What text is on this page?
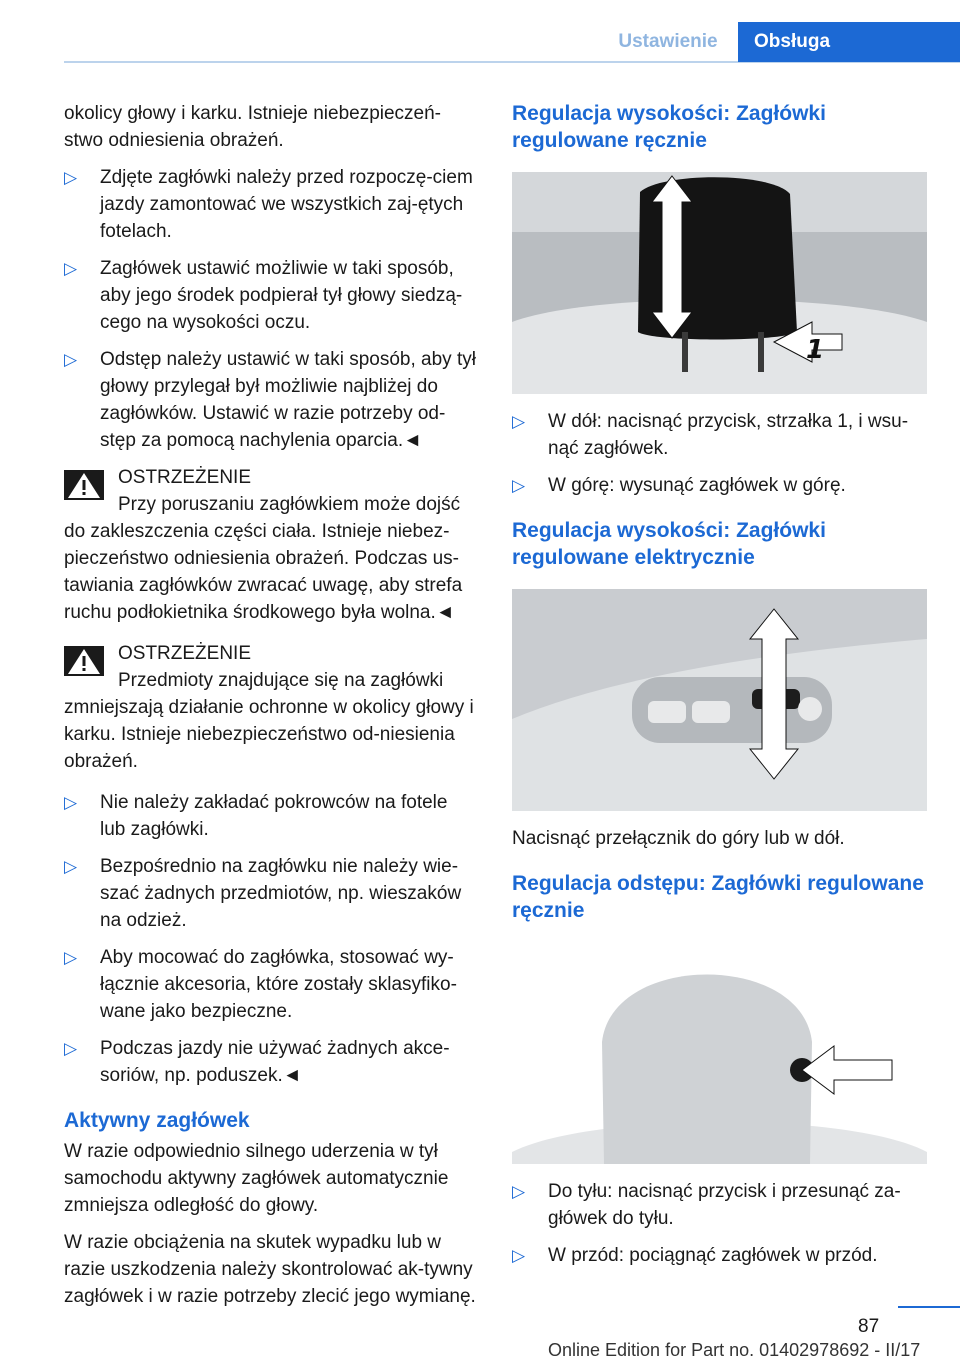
Ustawienie	Obsługa

okolicy głowy i karku. Istnieje niebezpieczeń-stwo odniesienia obrażeń.

▷ Zdjęte zagłówki należy przed rozpoczę-ciem jazdy zamontować we wszystkich zaj-ętych fotelach.
▷ Zagłówek ustawić możliwie w taki sposób, aby jego środek podpierał tył głowy siedzą-cego na wysokości oczu.
▷ Odstęp należy ustawić w taki sposób, aby tył głowy przylegał był możliwie najbliżej do zagłówków. Ustawić w razie potrzeby od-stęp za pomocą nachylenia oparcia.◄
OSTRZEŻENIE
Przy poruszaniu zagłówkiem może dojść
do zakleszczenia części ciała. Istnieje niebez-pieczeństwo odniesienia obrażeń. Podczas us-tawiania zagłówków zwracać uwagę, aby strefa ruchu podłokietnika środkowego była wolna.◄
OSTRZEŻENIE
Przedmioty znajdujące się na zagłówki
zmniejszają działanie ochronne w okolicy głowy i karku. Istnieje niebezpieczeństwo od-niesienia obrażeń.
▷ Nie należy zakładać pokrowców na fotele lub zagłówki.
▷ Bezpośrednio na zagłówku nie należy wie-szać żadnych przedmiotów, np. wieszaków na odzież.
▷ Aby mocować do zagłówka, stosować wy-łącznie akcesoria, które zostały sklasyfiko-wane jako bezpieczne.
▷ Podczas jazdy nie używać żadnych akce-soriów, np. poduszek.◄
Aktywny zagłówek

W razie odpowiednio silnego uderzenia w tył samochodu aktywny zagłówek automatycznie zmniejsza odległość do głowy.

W razie obciążenia na skutek wypadku lub w razie uszkodzenia należy skontrolować ak-tywny zagłówek i w razie potrzeby zlecić jego wymianę.

Regulacja wysokości: Zagłówki regulowane ręcznie
1
▷ W dół: nacisnąć przycisk, strzałka 1, i wsu-nąć zagłówek.
▷ W górę: wysunąć zagłówek w górę.
Regulacja wysokości: Zagłówki regulowane elektrycznie

Nacisnąć przełącznik do góry lub w dół.

Regulacja odstępu: Zagłówki regulowane ręcznie
▷ Do tyłu: nacisnąć przycisk i przesunąć za-główek do tyłu.
▷ W przód: pociągnąć zagłówek w przód.
87
Online Edition for Part no. 01402978692 - II/17
